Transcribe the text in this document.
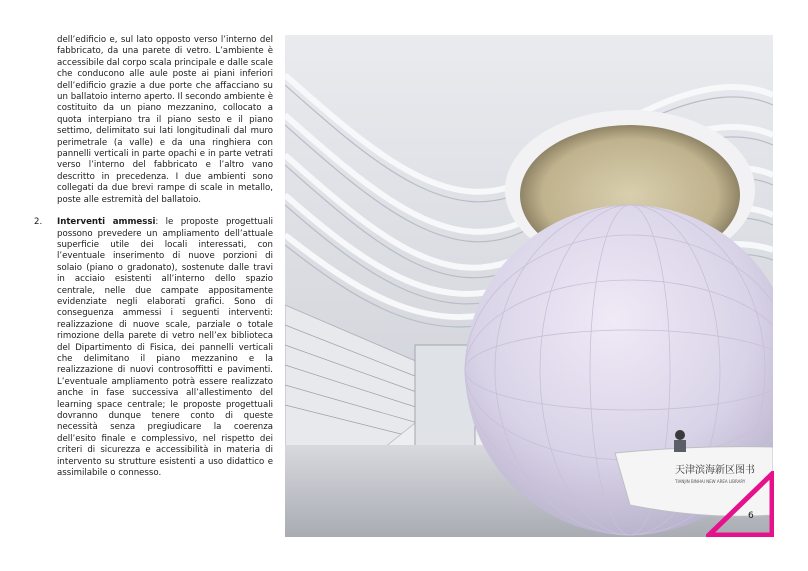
dell’edificio e, sul lato opposto verso l’interno del fabbricato, da una parete di vetro. L’ambiente è accessibile dal corpo scala principale e dalle scale che conducono alle aule poste ai piani inferiori dell’edificio grazie a due porte che affacciano su un ballatoio interno aperto. Il secondo ambiente è costituito da un piano mezzanino, collocato a quota interpiano tra il piano sesto e il piano settimo, delimitato sui lati longitudinali dal muro perimetrale (a valle) e da una ringhiera con pannelli verticali in parte opachi e in parte vetrati verso l’interno del fabbricato e l’altro vano descritto in precedenza. I due ambienti sono collegati da due brevi rampe di scale in metallo, poste alle estremità del ballatoio.

2. Interventi ammessi: le proposte progettuali possono prevedere un ampliamento dell’attuale superficie utile dei locali interessati, con l’eventuale inserimento di nuove porzioni di solaio (piano o gradonato), sostenute dalle travi in acciaio esistenti all’interno dello spazio centrale, nelle due campate appositamente evidenziate negli elaborati grafici. Sono di conseguenza ammessi i seguenti interventi: realizzazione di nuove scale, parziale o totale rimozione della parete di vetro nell’ex biblioteca del Dipartimento di Fisica, dei pannelli verticali che delimitano il piano mezzanino e la realizzazione di nuovi controsoffitti e pavimenti. L’eventuale ampliamento potrà essere realizzato anche in fase successiva all’allestimento del learning space centrale; le proposte progettuali dovranno dunque tenere conto di queste necessità senza pregiudicare la coerenza dell’esito finale e complessivo, nel rispetto dei criteri di sicurezza e accessibilità in materia di intervento su strutture esistenti a uso didattico e assimilabile o connesso.	天津滨海新区图书
TIANJIN BINHAI NEW AREA LIBRARY
6
